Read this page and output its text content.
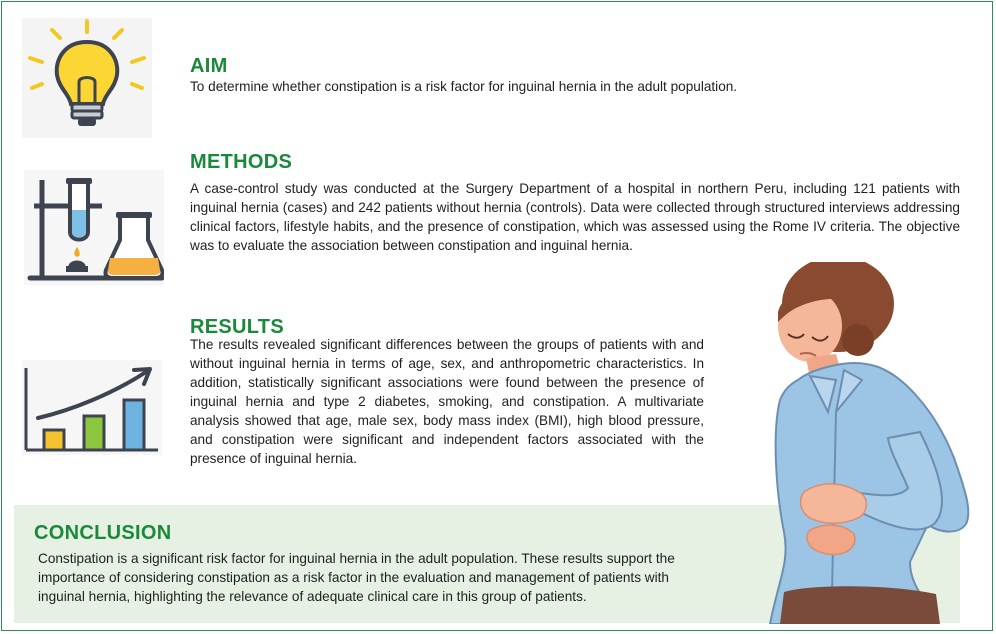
AIM

To determine whether constipation is a risk factor for inguinal hernia in the adult population.

METHODS

A case-control study was conducted at the Surgery Department of a hospital in northern Peru, including 121 patients with inguinal hernia (cases) and 242 patients without hernia (controls). Data were collected through structured interviews addressing clinical factors, lifestyle habits, and the presence of constipation, which was assessed using the Rome IV criteria. The objective was to evaluate the association between constipation and inguinal hernia.

RESULTS

The results revealed significant differences between the groups of patients with and without inguinal hernia in terms of age, sex, and anthropometric characteristics. In addition, statistically significant associations were found between the presence of inguinal hernia and type 2 diabetes, smoking, and constipation. A multivariate analysis showed that age, male sex, body mass index (BMI), high blood pressure, and constipation were significant and independent factors associated with the presence of inguinal hernia.

CONCLUSION

Constipation is a significant risk factor for inguinal hernia in the adult population. These results support the importance of considering constipation as a risk factor in the evaluation and management of patients with inguinal hernia, highlighting the relevance of adequate clinical care in this group of patients.
